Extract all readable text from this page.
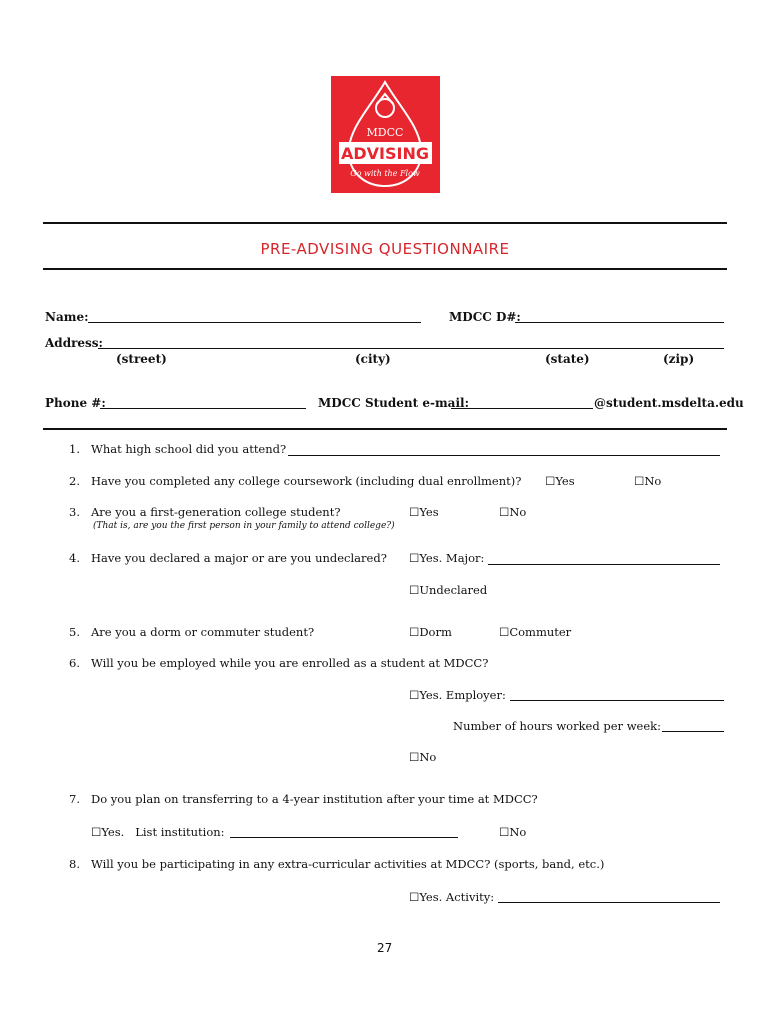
MDCC
ADVISING
Go with the Flow
PRE-ADVISING QUESTIONNAIRE
Name:	MDCC D#:
Address:
(street)	(city)	(state)	(zip)
Phone #:	MDCC Student e-mail:	@student.msdelta.edu
1. What high school did you attend?
2. Have you completed any college coursework (including dual enrollment)? ☐Yes	☐No
3. Are you a first-generation college student?	☐Yes	☐No
(That is, are you the first person in your family to attend college?)
4. Have you declared a major or are you undeclared? ☐Yes. Major:
☐Undeclared
5. Are you a dorm or commuter student?	☐Dorm	☐Commuter
6. Will you be employed while you are enrolled as a student at MDCC?
☐Yes. Employer:
Number of hours worked per week:
☐No
7. Do you plan on transferring to a 4-year institution after your time at MDCC?
☐Yes.   List institution:	☐No
8. Will you be participating in any extra-curricular activities at MDCC? (sports, band, etc.)
☐Yes. Activity:
27
